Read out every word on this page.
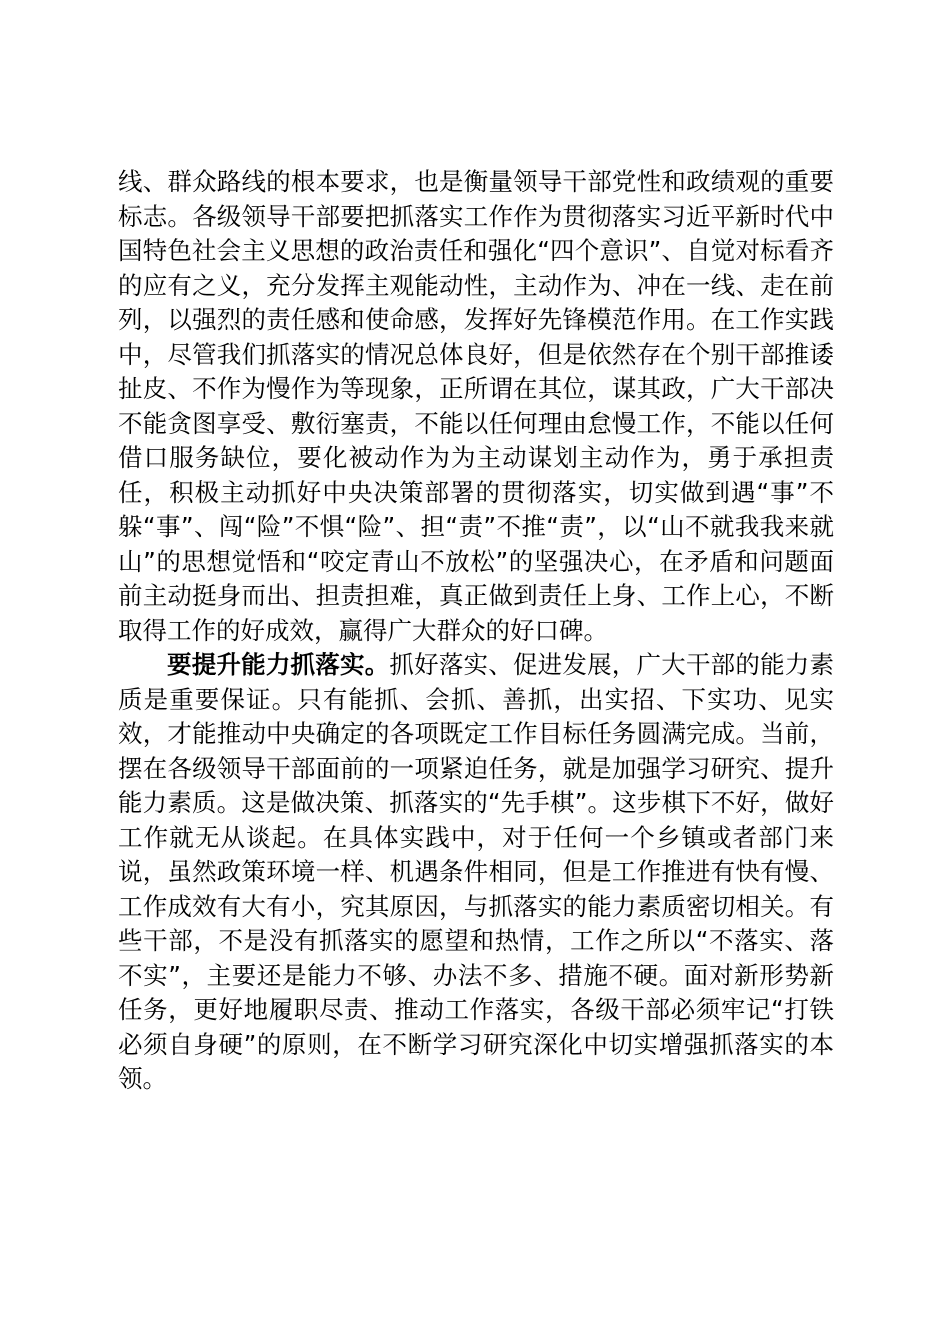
线、群众路线的根本要求，也是衡量领导干部党性和政绩观的重要标志。各级领导干部要把抓落实工作作为贯彻落实习近平新时代中国特色社会主义思想的政治责任和强化“四个意识”、自觉对标看齐的应有之义，充分发挥主观能动性，主动作为、冲在一线、走在前列，以强烈的责任感和使命感，发挥好先锋模范作用。在工作实践中，尽管我们抓落实的情况总体良好，但是依然存在个别干部推诿扯皮、不作为慢作为等现象，正所谓在其位，谋其政，广大干部决不能贪图享受、敷衍塞责，不能以任何理由怠慢工作，不能以任何借口服务缺位，要化被动作为为主动谋划主动作为，勇于承担责任，积极主动抓好中央决策部署的贯彻落实，切实做到遇“事”不躲“事”、闯“险”不惧“险”、担“责”不推“责”，以“山不就我我来就山”的思想觉悟和“咬定青山不放松”的坚强决心，在矛盾和问题面前主动挺身而出、担责担难，真正做到责任上身、工作上心，不断取得工作的好成效，赢得广大群众的好口碑。

要提升能力抓落实。抓好落实、促进发展，广大干部的能力素质是重要保证。只有能抓、会抓、善抓，出实招、下实功、见实效，才能推动中央确定的各项既定工作目标任务圆满完成。当前，摆在各级领导干部面前的一项紧迫任务，就是加强学习研究、提升能力素质。这是做决策、抓落实的“先手棋”。这步棋下不好，做好工作就无从谈起。在具体实践中，对于任何一个乡镇或者部门来说，虽然政策环境一样、机遇条件相同，但是工作推进有快有慢、工作成效有大有小，究其原因，与抓落实的能力素质密切相关。有些干部，不是没有抓落实的愿望和热情，工作之所以“不落实、落不实”，主要还是能力不够、办法不多、措施不硬。面对新形势新任务，更好地履职尽责、推动工作落实，各级干部必须牢记“打铁必须自身硬”的原则，在不断学习研究深化中切实增强抓落实的本领。
